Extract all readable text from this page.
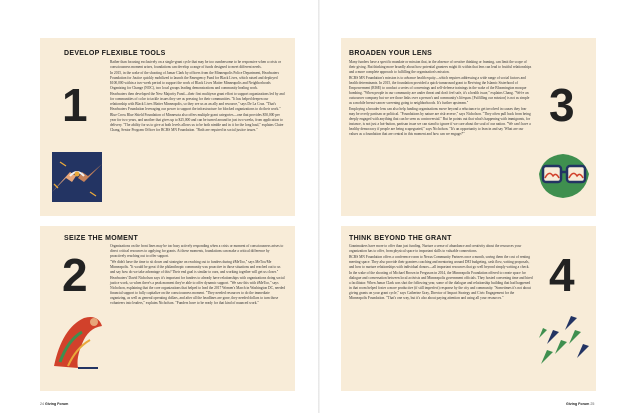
DEVELOP FLEXIBLE TOOLS
1

Rather than focusing exclusively on a single-grant cycle that may be too cumbersome to be responsive when a crisis or consciousness moment arises, foundations can develop a range of funds designed to meet different needs.

In 2015, in the wake of the shooting of Jamar Clark by officers from the Minneapolis Police Department, Headwaters Foundation for Justice quickly mobilized to launch the Emergency Fund for Black Lives, which raised and deployed $100,000 within a two-week period to support the work of Black Lives Matter Minneapolis and Neighborhoods Organizing for Change (NOC), two local groups leading demonstrations and community healing work.

Headwaters then developed the New Majority Fund—their first multiyear grant effort to support organizations led by and for communities of color to tackle issues they see as pressing for their communities. "It has helped deepen our relationship with Black Lives Matter Minneapolis, so they see us as an ally and resource," says De La Cruz. "That's Headwaters Foundation leveraging our power to support the infrastructure for blocked organizations to do their work."

Blue Cross Blue Shield Foundation of Minnesota also offers multiple grant categories—one that provides $50,000 per year for two years, and another that gives up to $25,000 and can be turned around in just two weeks, from application to delivery. "The ability for us to give at both levels allows us to be both nimble and in it for the long haul," explains Claire Chang, Senior Program Officer for BCBS MN Foundation. "Both are required in social justice issues."

SEIZE THE MOMENT
2

Organizations on the front lines may be too busy actively responding when a crisis or moment of consciousness arises to direct critical resources to applying for grants. At these moments, foundations can make a critical difference by proactively reaching out to offer support.

"We didn't have the time to sit down and strategize on reaching out to funders during #MeToo," says MeToo/Me Minneapolis. "It would be great if the philanthropic community was proactive in those situations and reached out to us and say how do we take advantage of this? Their end goal is similar to ours, and working together will get us closer."

Headwaters' David Nicholson says it's important for funders to already have relationships with organizations doing social justice work, so when there's a peak moment they're able to offer dynamic support. "We saw this with #MeToo," says Nicholson, explaining that the core organizations that helped to lead the 2017 Women's March in Washington DC, needed financial support to fully capitalize on the consciousness moment. "They needed resources to do the immediate organizing, as well as general operating dollars, and after all the headlines are gone, they needed dollars to turn those volunteers into leaders," explains Nicholson. "Funders have to be ready for that kind of nuanced work."

BROADEN YOUR LENS
3

Many funders have a specific mandate or mission that, in the absence of creative thinking or framing, can limit the scope of their giving. But thinking more broadly about how potential grantees might fit within that lens can lead to fruitful relationships and a more complete approach to fulfilling the organization's mission.

BCBS MN Foundation's mission is to advance health equity—which requires addressing a wide range of social factors and health determinants. In 2015, the foundation provided a quick-turnaround grant to Reviving the Islamic Sisterhood of Empowerment (RISE) to conduct a series of convenings and self-defense trainings in the wake of the Bloomington mosque bombing. "When people in our community are under threat and don't feel safe, it's a health issue," explains Chang. "We're an outsourcer company but we see those links over a person's and community's lifespan. [Fulfilling our mission] is not as simple as a mobile breast-cancer screening going to neighborhoods. It's further upstream."

Employing a broader lens can also help funding organizations move beyond a reluctance to get involved in causes they fear may be overly partisan or political. "Foundations by nature are risk-averse," says Nicholson. "They often pull back from being deeply engaged with anything that can be seen as controversial." But he points out that what's happening with immigrants, for instance, is not just a hot-button, partisan issue we can stand to ignore if we care about the soul of our nation. "We can't have a healthy democracy if people are being scapegoated," says Nicholson. "It's an opportunity to lean in and say 'What are our values as a foundation that are central in this moment and how can we engage?'"

THINK BEYOND THE GRANT
4

Grantmakers have more to offer than just funding. Nurture a sense of abundance and creativity about the resources your organization has to offer, from physical space to important skills to valuable connections.

BCBS MN Foundation offers a conference room to Nexus Community Partners once a month, saving them the cost of renting meeting space. They also provide their grantees coaching and mentoring around DEI budgeting, cash flow, writing proposals, and how to nurture relationships with individual donors—all important resources that go well beyond simply writing a check.

In the wake of the shooting of Michael Brown in Ferguson in 2014, the Minneapolis Foundation offered to create space for dialogue and conversation between local activists and Minneapolis government officials. They hosted convening time and hired a facilitator. When Jamar Clark was shot the following year, some of the dialogue and relationship building that had happened in that room helped foster a more productive (if still imperfect) response by the city and community. "Sometimes it's not about giving grants on your grant cycle," says Catherine Gray, Director of Impact Strategy and Civic Engagement for the Minneapolis Foundation. "That's one way, but it's also about paying attention and using all your resources."

24 Giving Forum	Giving Forum 25
